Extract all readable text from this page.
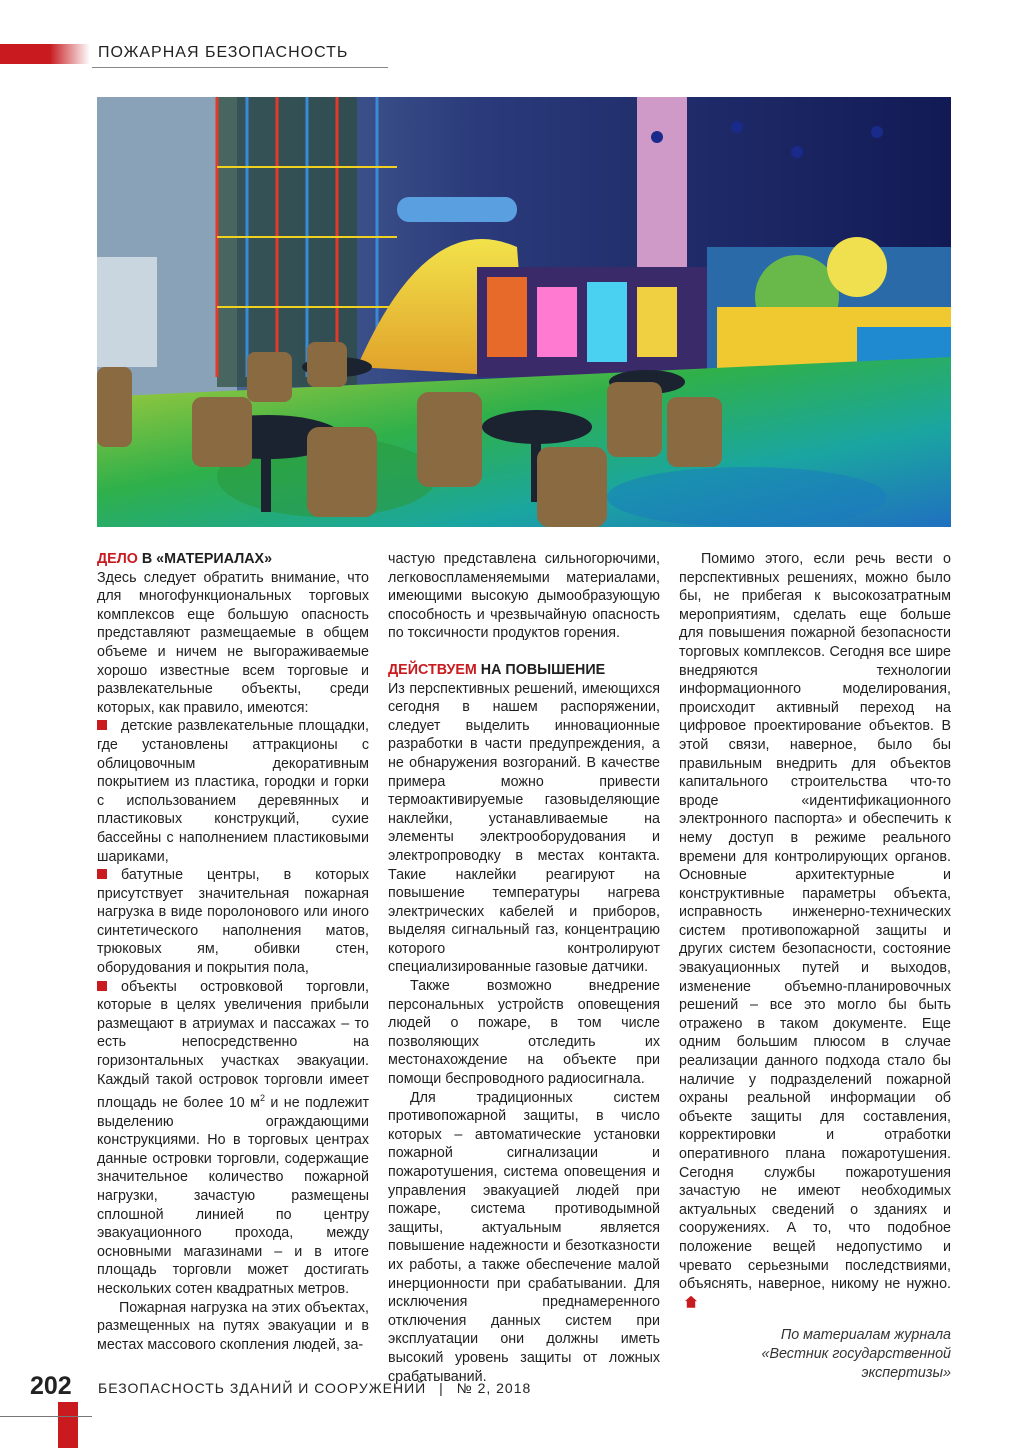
ПОЖАРНАЯ БЕЗОПАСНОСТЬ

ДЕЛО В «МАТЕРИАЛАХ»

Здесь следует обратить внимание, что для многофункциональных торговых комплексов еще большую опасность представляют размещаемые в общем объеме и ничем не выгораживаемые хорошо известные всем торговые и развлекательные объекты, среди которых, как правило, имеются:

детские развлекательные площадки, где установлены аттракционы с облицовочным декоративным покрытием из пластика, городки и горки с использованием деревянных и пластиковых конструкций, сухие бассейны с наполнением пластиковыми шариками,

батутные центры, в которых присутствует значительная пожарная нагрузка в виде поролонового или иного синтетического наполнения матов, трюковых ям, обивки стен, оборудования и покрытия пола,

объекты островковой торговли, которые в целях увеличения прибыли размещают в атриумах и пассажах – то есть непосредственно на горизонтальных участках эвакуации. Каждый такой островок торговли имеет площадь не более 10 $м^2$ и не подлежит выделению ограждающими конструкциями. Но в торговых центрах данные островки торговли, содержащие значительное количество пожарной нагрузки, зачастую размещены сплошной линией по центру эвакуационного прохода, между основными магазинами – и в итоге площадь торговли может достигать нескольких сотен квадратных метров.

Пожарная нагрузка на этих объектах, размещенных на путях эвакуации и в местах массового скопления людей, за-

частую представлена сильногорючими, легковоспламеняемыми материалами, имеющими высокую дымообразующую способность и чрезвычайную опасность по токсичности продуктов горения.

ДЕЙСТВУЕМ НА ПОВЫШЕНИЕ

Из перспективных решений, имеющихся сегодня в нашем распоряжении, следует выделить инновационные разработки в части предупреждения, а не обнаружения возгораний. В качестве примера можно привести термоактивируемые газовыделяющие наклейки, устанавливаемые на элементы электрооборудования и электропроводку в местах контакта. Такие наклейки реагируют на повышение температуры нагрева электрических кабелей и приборов, выделяя сигнальный газ, концентрацию которого контролируют специализированные газовые датчики.

Также возможно внедрение персональных устройств оповещения людей о пожаре, в том числе позволяющих отследить их местонахождение на объекте при помощи беспроводного радиосигнала.

Для традиционных систем противопожарной защиты, в число которых – автоматические установки пожарной сигнализации и пожаротушения, система оповещения и управления эвакуацией людей при пожаре, система противодымной защиты, актуальным является повышение надежности и безотказности их работы, а также обеспечение малой инерционности при срабатывании. Для исключения преднамеренного отключения данных систем при эксплуатации они должны иметь высокий уровень защиты от ложных срабатываний.

Помимо этого, если речь вести о перспективных решениях, можно было бы, не прибегая к высокозатратным мероприятиям, сделать еще больше для повышения пожарной безопасности торговых комплексов. Сегодня все шире внедряются технологии информационного моделирования, происходит активный переход на цифровое проектирование объектов. В этой связи, наверное, было бы правильным внедрить для объектов капитального строительства что-то вроде «идентификационного электронного паспорта» и обеспечить к нему доступ в режиме реального времени для контролирующих органов. Основные архитектурные и конструктивные параметры объекта, исправность инженерно-технических систем противопожарной защиты и других систем безопасности, состояние эвакуационных путей и выходов, изменение объемно-планировочных решений – все это могло бы быть отражено в таком документе. Еще одним большим плюсом в случае реализации данного подхода стало бы наличие у подразделений пожарной охраны реальной информации об объекте защиты для составления, корректировки и отработки оперативного плана пожаротушения. Сегодня службы пожаротушения зачастую не имеют необходимых актуальных сведений о зданиях и сооружениях. А то, что подобное положение вещей недопустимо и чревато серьезными последствиями, объяснять, наверное, никому не нужно.

По материалам журнала
«Вестник государственной
экспертизы»
202 БЕЗОПАСНОСТЬ ЗДАНИЙ И СООРУЖЕНИЙ | № 2, 2018
